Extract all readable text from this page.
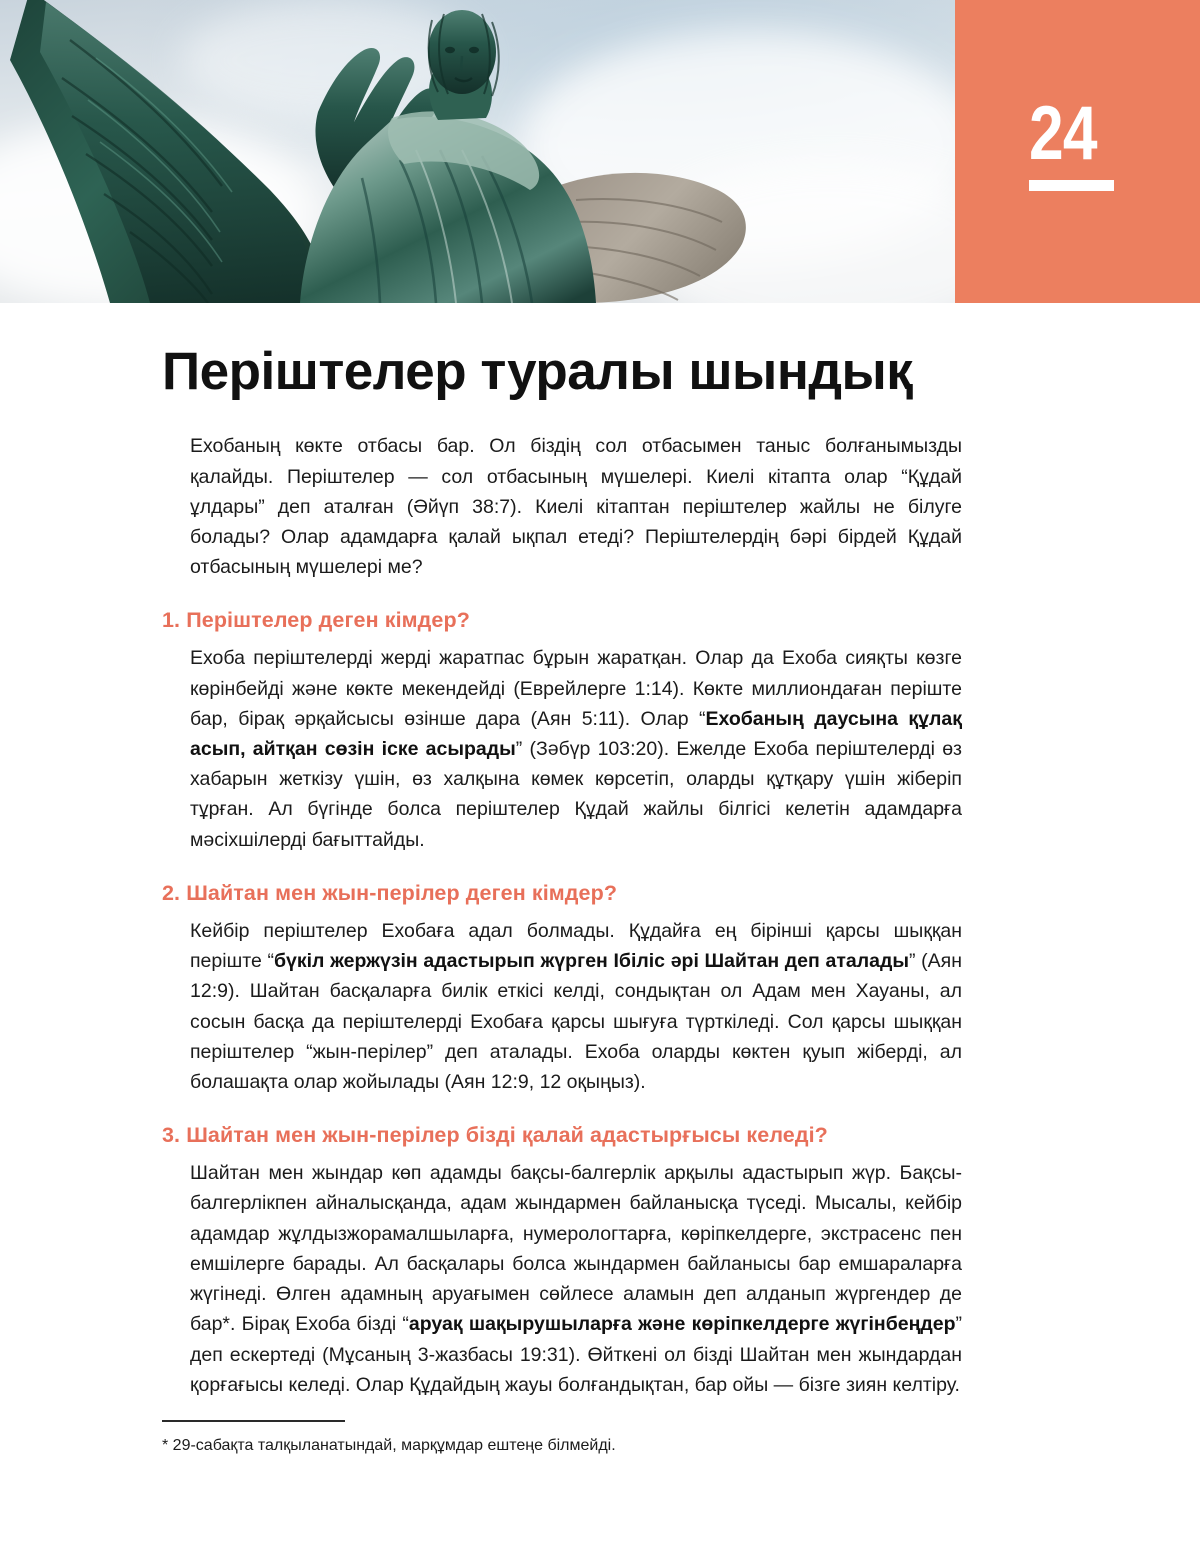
24
Періштелер туралы шындық

Ехобаның көкте отбасы бар. Ол біздің сол отбасымен таныс болғанымызды қалайды. Періштелер — сол отбасының мүшелері. Киелі кітапта олар “Құдай ұлдары” деп аталған (Әйүп 38:7). Киелі кітаптан періштелер жайлы не білуге болады? Олар адамдарға қалай ықпал етеді? Періштелердің бәрі бірдей Құдай отбасының мүшелері ме?

1. Періштелер деген кімдер?

Ехоба періштелерді жерді жаратпас бұрын жаратқан. Олар да Ехоба сияқты көзге көрінбейді және көкте мекендейді (Еврейлерге 1:14). Көкте миллиондаған періште бар, бірақ әрқайсысы өзінше дара (Аян 5:11). Олар “Ехобаның даусына құлақ асып, айтқан сөзін іске асырады” (Зәбүр 103:20). Ежелде Ехоба періштелерді өз хабарын жеткізу үшін, өз халқына көмек көрсетіп, оларды құтқару үшін жіберіп тұрған. Ал бүгінде болса періштелер Құдай жайлы білгісі келетін адамдарға мәсіхшілерді бағыттайды.

2. Шайтан мен жын-перілер деген кімдер?

Кейбір періштелер Ехобаға адал болмады. Құдайға ең бірінші қарсы шыққан періште “бүкіл жержүзін адастырып жүрген Ібіліс әрі Шайтан деп аталады” (Аян 12:9). Шайтан басқаларға билік еткісі келді, сондықтан ол Адам мен Хауаны, ал сосын басқа да періштелерді Ехобаға қарсы шығуға түрткіледі. Сол қарсы шыққан періштелер “жын-перілер” деп аталады. Ехоба оларды көктен қуып жіберді, ал болашақта олар жойылады (Аян 12:9, 12 оқыңыз).

3. Шайтан мен жын-перілер бізді қалай адастырғысы келеді?

Шайтан мен жындар көп адамды бақсы-балгерлік арқылы адастырып жүр. Бақсы-балгерлікпен айналысқанда, адам жындармен байланысқа түседі. Мысалы, кейбір адамдар жұлдызжорамалшыларға, нумерологтарға, көріпкелдерге, экстрасенс пен емшілерге барады. Ал басқалары болса жындармен байланысы бар емшараларға жүгінеді. Өлген адамның аруағымен сөйлесе аламын деп алданып жүргендер де бар*. Бірақ Ехоба бізді “аруақ шақырушыларға және көріпкелдерге жүгінбеңдер” деп ескертеді (Мұсаның 3-жазбасы 19:31). Өйткені ол бізді Шайтан мен жындардан қорғағысы келеді. Олар Құдайдың жауы болғандықтан, бар ойы — бізге зиян келтіру.

* 29-сабақта талқыланатындай, марқұмдар ештеңе білмейді.
